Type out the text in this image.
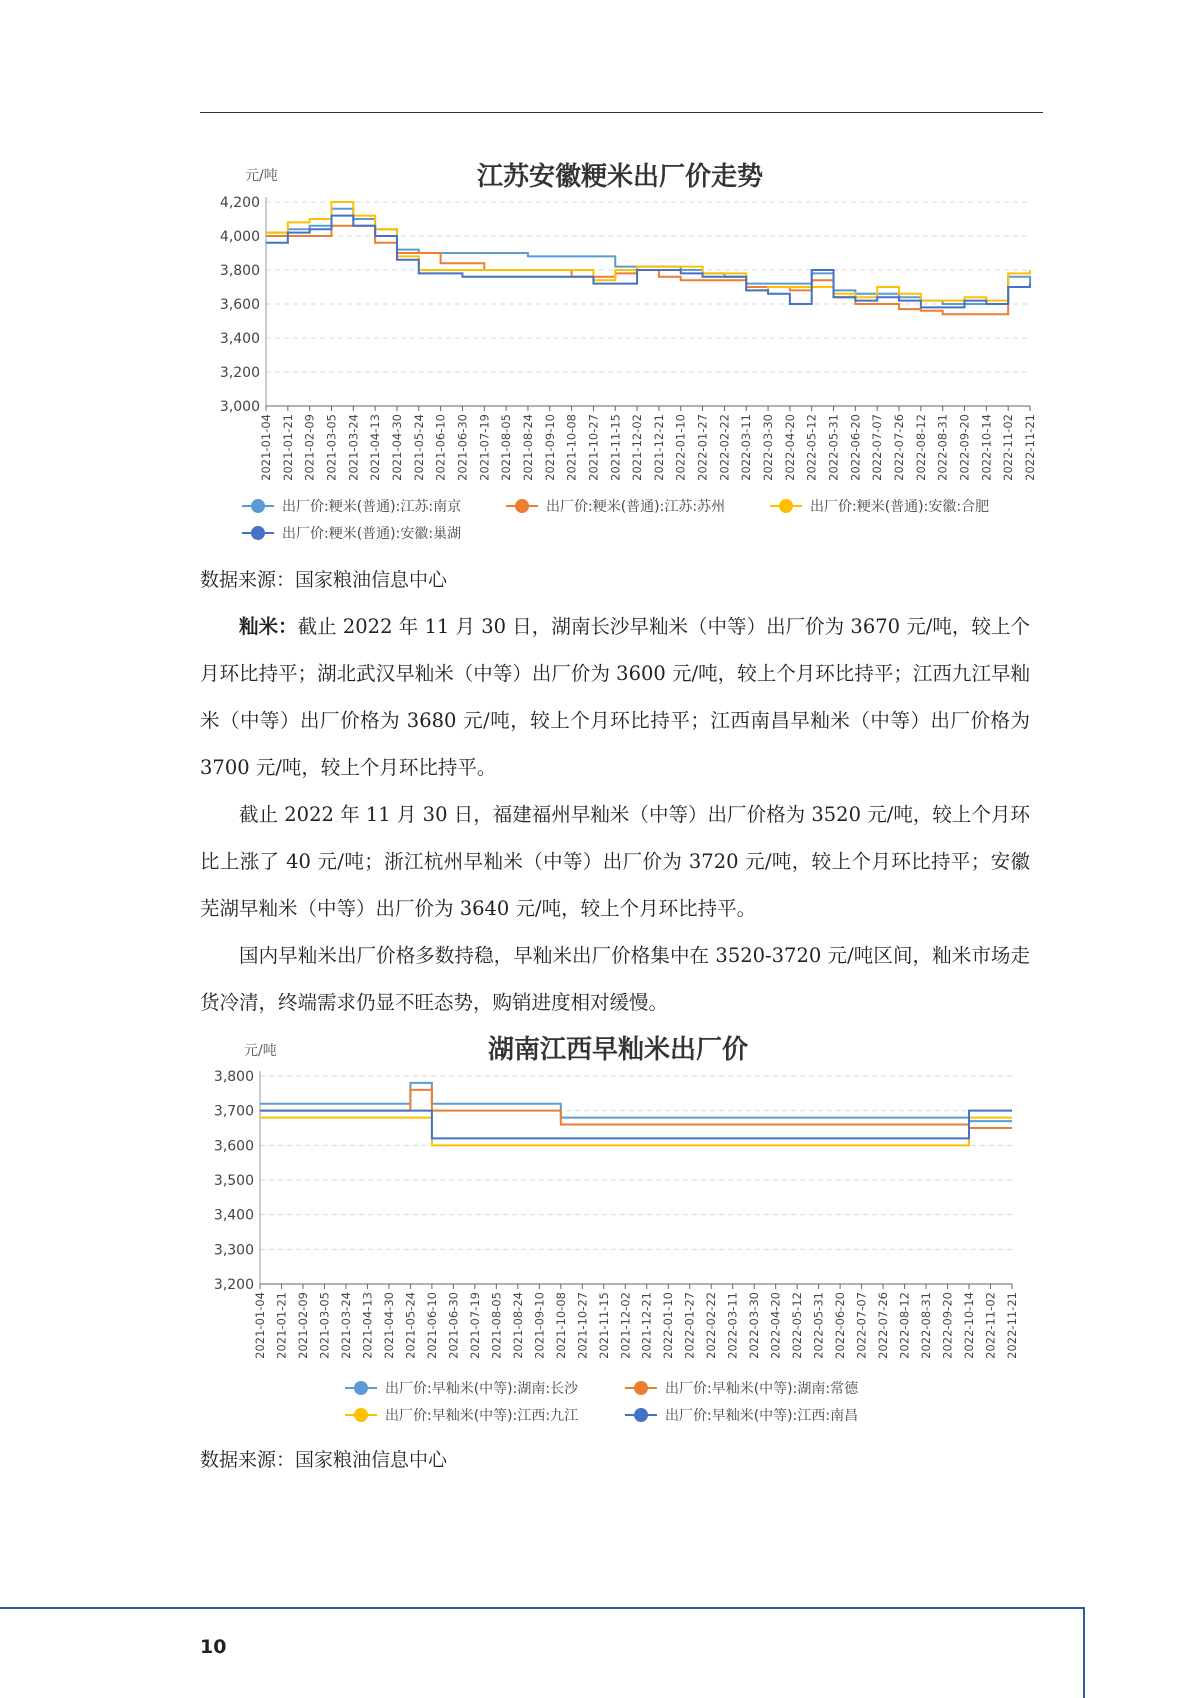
江苏安徽粳米出厂价走势
元/吨
3,000
3,200
3,400
3,600
3,800
4,000
4,200
2021-01-04 2021-01-21 2021-02-09 2021-03-05 2021-03-24 2021-04-13 2021-04-30 2021-05-24 2021-06-10 2021-06-30 2021-07-19 2021-08-05 2021-08-24 2021-09-10 2021-10-08 2021-10-27 2021-11-15 2021-12-02 2021-12-21 2022-01-10 2022-01-27 2022-02-22 2022-03-11 2022-03-30 2022-04-20 2022-05-12 2022-05-31 2022-06-20 2022-07-07 2022-07-26 2022-08-12 2022-08-31 2022-09-20 2022-10-14 2022-11-02 2022-11-21
出厂价:粳米(普通):江苏:南京	出厂价:粳米(普通):江苏:苏州	出厂价:粳米(普通):安徽:合肥
出厂价:粳米(普通):安徽:巢湖
数据来源：国家粮油信息中心

籼米：截止 2022 年 11 月 30 日，湖南长沙早籼米（中等）出厂价为 3670 元/吨，较上个月环比持平；湖北武汉早籼米（中等）出厂价为 3600 元/吨，较上个月环比持平；江西九江早籼米（中等）出厂价格为 3680 元/吨，较上个月环比持平；江西南昌早籼米（中等）出厂价格为 3700 元/吨，较上个月环比持平。

截止 2022 年 11 月 30 日，福建福州早籼米（中等）出厂价格为 3520 元/吨，较上个月环比上涨了 40 元/吨；浙江杭州早籼米（中等）出厂价为 3720 元/吨，较上个月环比持平；安徽芜湖早籼米（中等）出厂价为 3640 元/吨，较上个月环比持平。

国内早籼米出厂价格多数持稳，早籼米出厂价格集中在 3520-3720 元/吨区间，籼米市场走货冷清，终端需求仍显不旺态势，购销进度相对缓慢。

湖南江西早籼米出厂价
元/吨
3,200
3,300
3,400
3,500
3,600
3,700
3,800
2021-01-04 2021-01-21 2021-02-09 2021-03-05 2021-03-24 2021-04-13 2021-04-30 2021-05-24 2021-06-10 2021-06-30 2021-07-19 2021-08-05 2021-08-24 2021-09-10 2021-10-08 2021-10-27 2021-11-15 2021-12-02 2021-12-21 2022-01-10 2022-01-27 2022-02-22 2022-03-11 2022-03-30 2022-04-20 2022-05-12 2022-05-31 2022-06-20 2022-07-07 2022-07-26 2022-08-12 2022-08-31 2022-09-20 2022-10-14 2022-11-02 2022-11-21
出厂价:早籼米(中等):湖南:长沙	出厂价:早籼米(中等):湖南:常德
出厂价:早籼米(中等):江西:九江	出厂价:早籼米(中等):江西:南昌
数据来源：国家粮油信息中心
10
